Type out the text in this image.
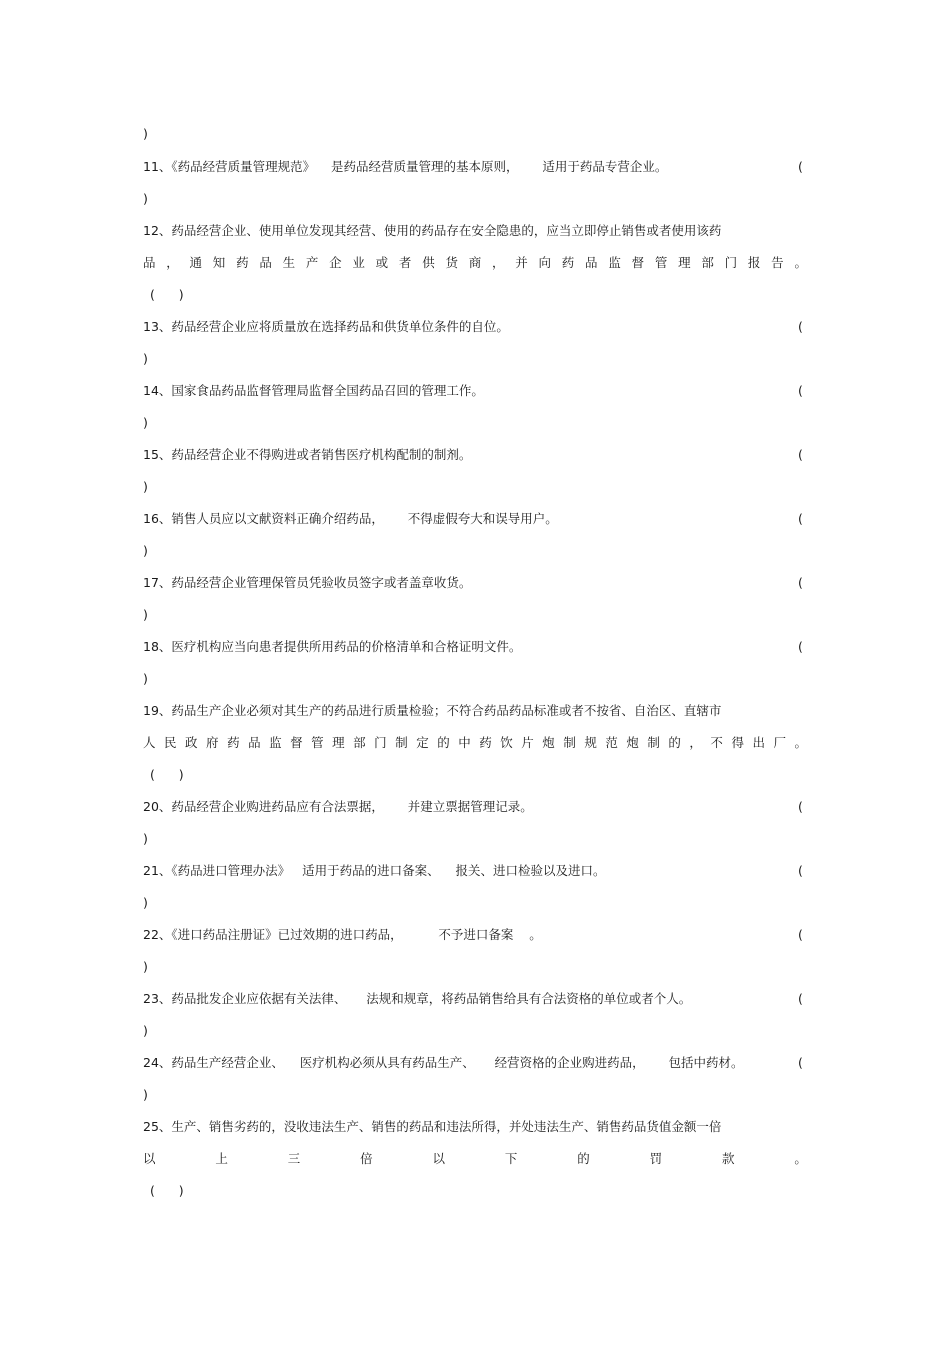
)

11、《药品经营质量管理规范》    是药品经营质量管理的基本原则，      适用于药品专营企业。	(

)

12、药品经营企业、使用单位发现其经营、使用的药品存在安全隐患的，应当立即停止销售或者使用该药

品 ， 通 知 药 品 生 产 企 业 或 者 供 货 商 ， 并 向 药 品 监 督 管 理 部 门 报 告 。

(      )

13、药品经营企业应将质量放在选择药品和供货单位条件的自位。	(

)

14、国家食品药品监督管理局监督全国药品召回的管理工作。	(

)

15、药品经营企业不得购进或者销售医疗机构配制的制剂。	(

)

16、销售人员应以文献资料正确介绍药品，      不得虚假夸大和误导用户。	(

)

17、药品经营企业管理保管员凭验收员签字或者盖章收货。	(

)

18、医疗机构应当向患者提供所用药品的价格清单和合格证明文件。	(

)

19、药品生产企业必须对其生产的药品进行质量检验；不符合药品药品标准或者不按省、自治区、直辖市

人 民 政 府 药 品 监 督 管 理 部 门 制 定 的 中 药 饮 片 炮 制 规 范 炮 制 的 ， 不 得 出 厂 。

(      )

20、药品经营企业购进药品应有合法票据，      并建立票据管理记录。	(

)

21、《药品进口管理办法》   适用于药品的进口备案、    报关、进口检验以及进口。	(

)

22、《进口药品注册证》已过效期的进口药品，         不予进口备案    。	(

)

23、药品批发企业应依据有关法律、     法规和规章，将药品销售给具有合法资格的单位或者个人。	(

)

24、药品生产经营企业、    医疗机构必须从具有药品生产、     经营资格的企业购进药品，      包括中药材。	(

)

25、生产、销售劣药的，没收违法生产、销售的药品和违法所得，并处违法生产、销售药品货值金额一倍

以	上	三	倍	以	下	的	罚	款	。

(      )
